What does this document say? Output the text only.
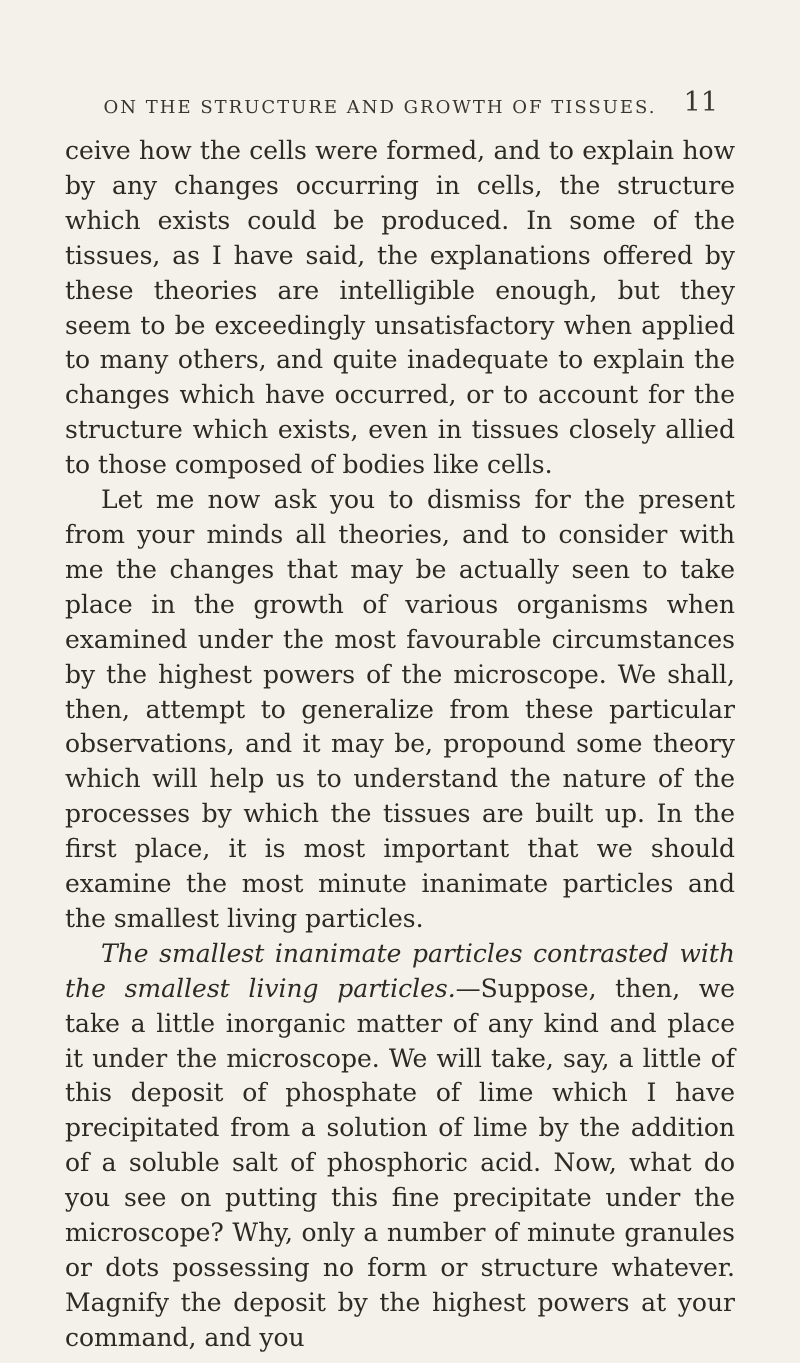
ON THE STRUCTURE AND GROWTH OF TISSUES. 11

ceive how the cells were formed, and to explain how by any changes occurring in cells, the structure which exists could be produced. In some of the tissues, as I have said, the explanations offered by these theories are intelligible enough, but they seem to be exceedingly unsatisfactory when applied to many others, and quite inadequate to explain the changes which have occurred, or to account for the structure which exists, even in tissues closely allied to those composed of bodies like cells.

Let me now ask you to dismiss for the present from your minds all theories, and to consider with me the changes that may be actually seen to take place in the growth of various organisms when examined under the most favourable circumstances by the highest powers of the microscope. We shall, then, attempt to generalize from these particular observations, and it may be, propound some theory which will help us to understand the nature of the processes by which the tissues are built up. In the first place, it is most important that we should examine the most minute inanimate particles and the smallest living particles.

The smallest inanimate particles contrasted with the smallest living particles.—Suppose, then, we take a little inorganic matter of any kind and place it under the microscope. We will take, say, a little of this deposit of phosphate of lime which I have precipitated from a solution of lime by the addition of a soluble salt of phosphoric acid. Now, what do you see on putting this fine precipitate under the microscope? Why, only a number of minute granules or dots possessing no form or structure whatever. Magnify the deposit by the highest powers at your command, and you
